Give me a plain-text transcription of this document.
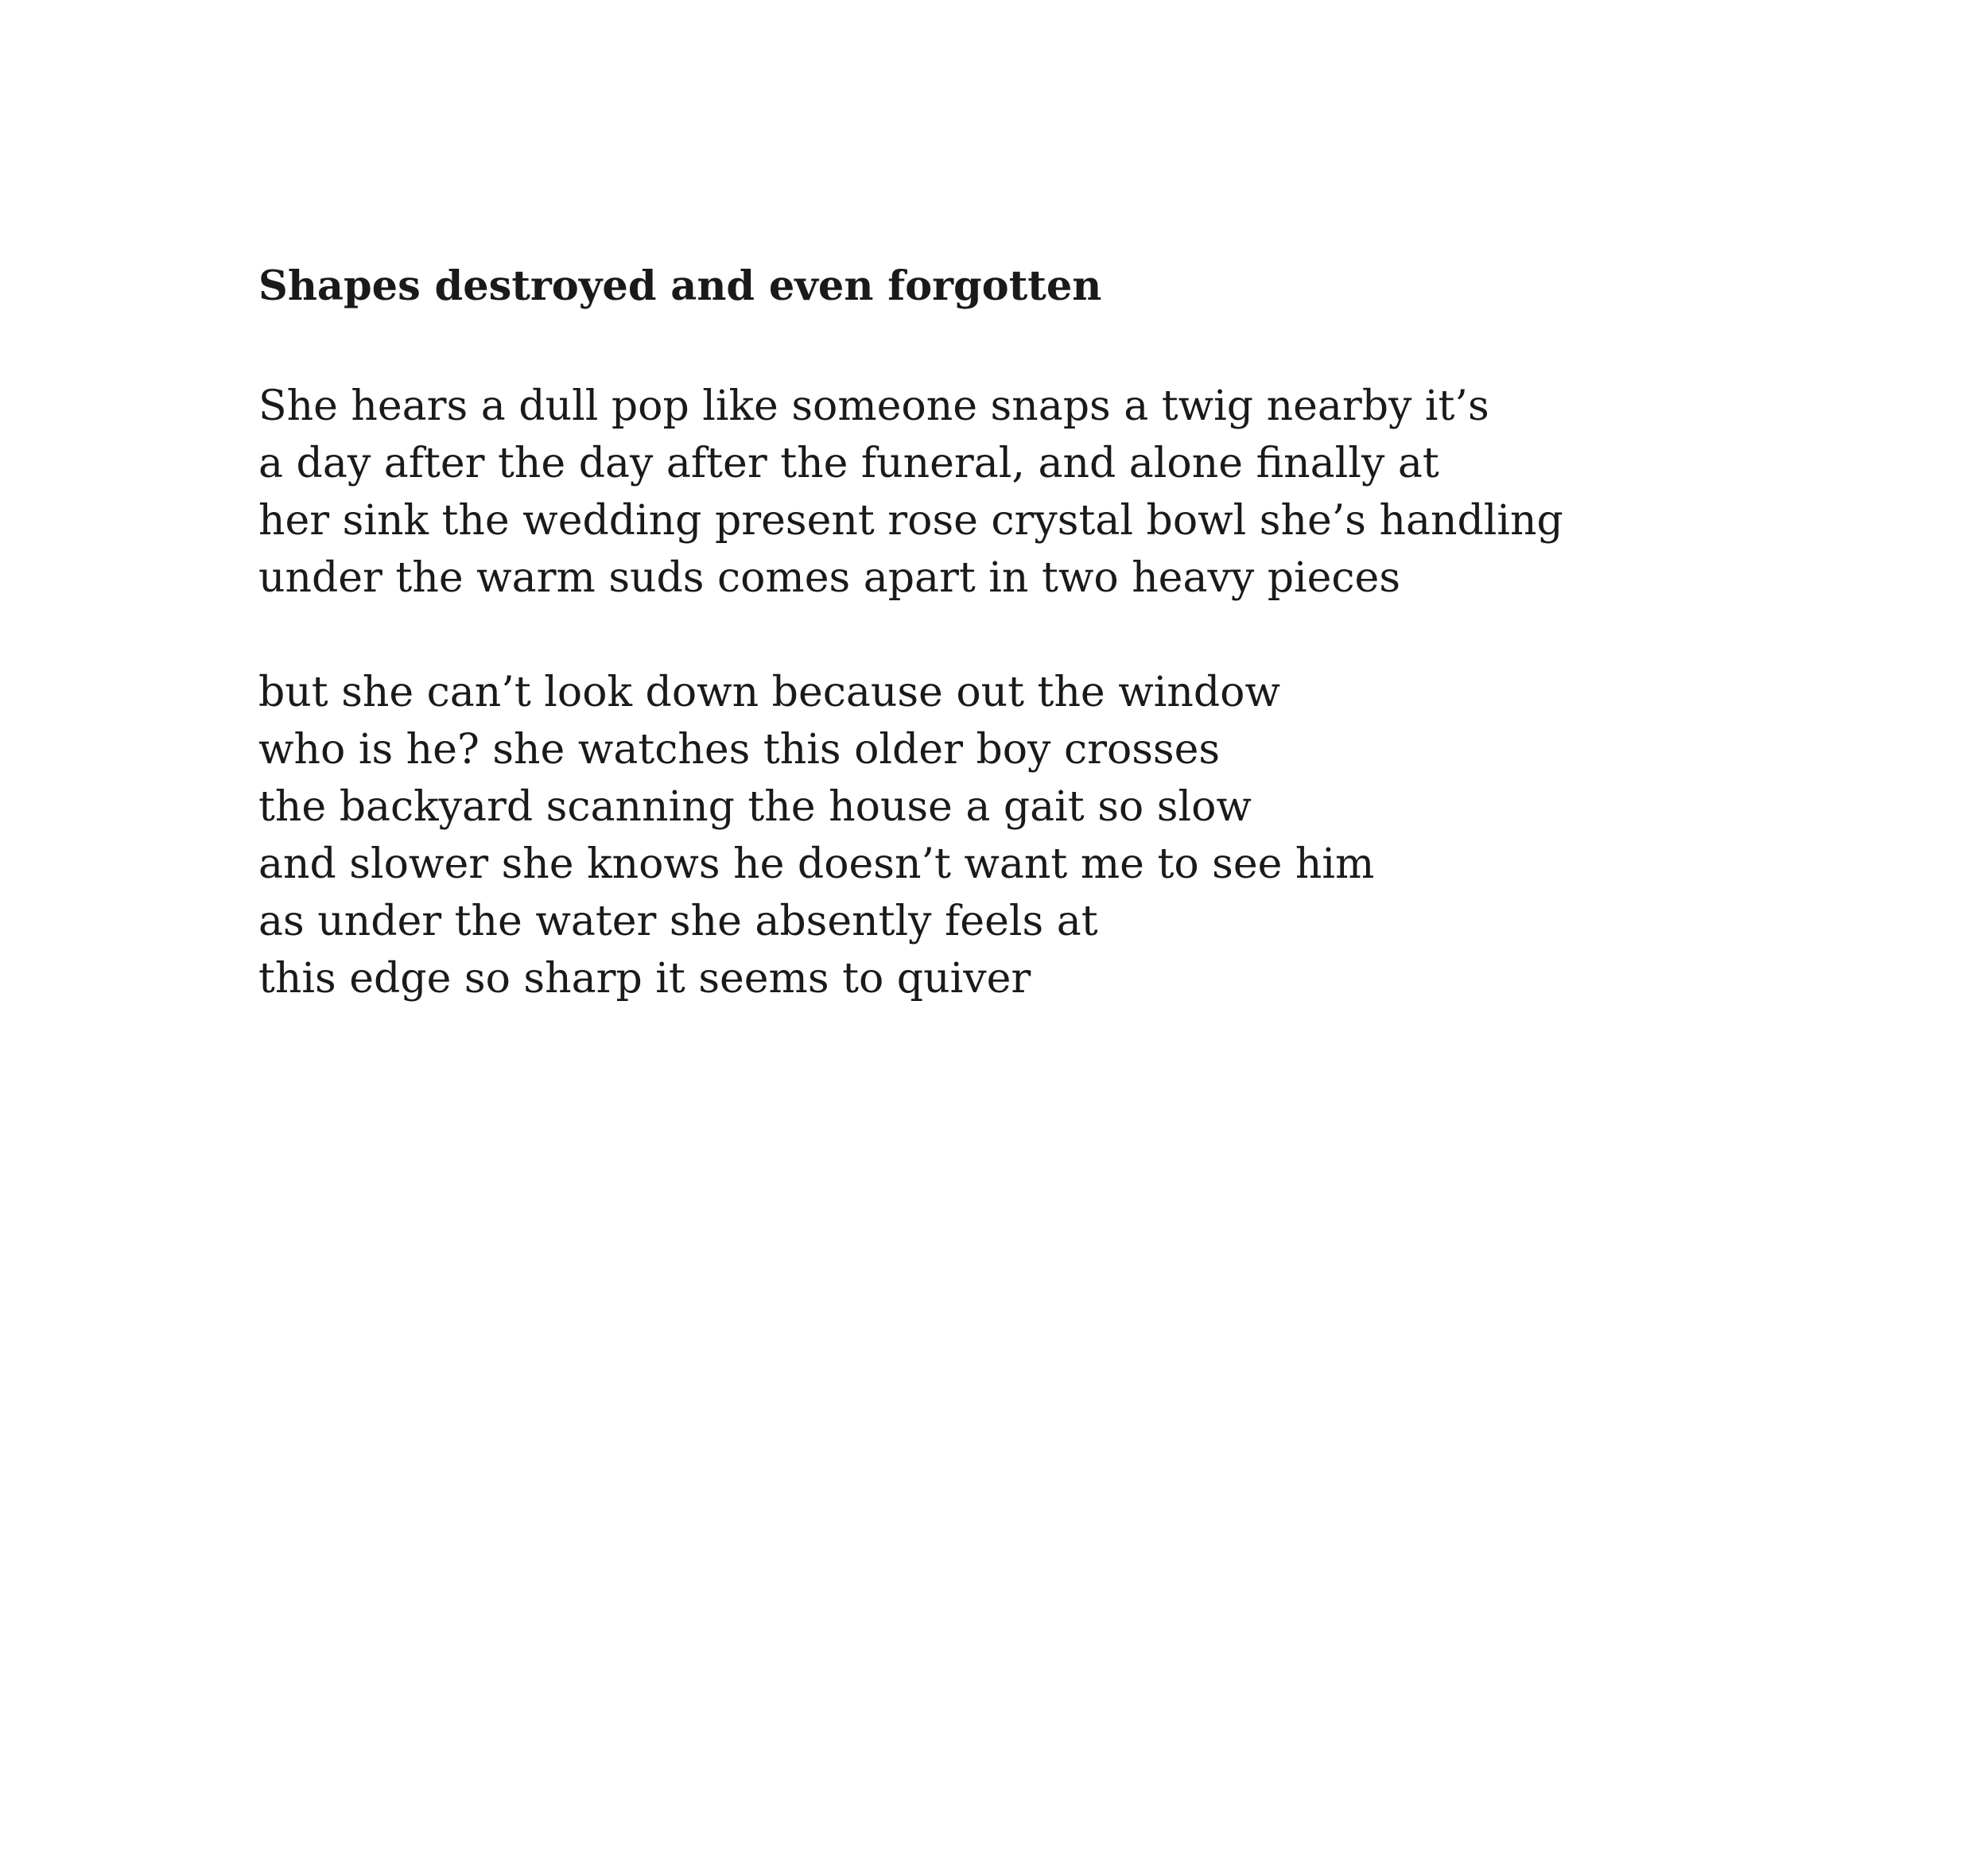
Shapes destroyed and even forgotten
She hears a dull pop like someone snaps a twig nearby it’s
a day after the day after the funeral, and alone finally at
her sink the wedding present rose crystal bowl she’s handling
under the warm suds comes apart in two heavy pieces
but she can’t look down because out the window
who is he? she watches this older boy crosses
the backyard scanning the house a gait so slow
and slower she knows he doesn’t want me to see him
as under the water she absently feels at
this edge so sharp it seems to quiver
